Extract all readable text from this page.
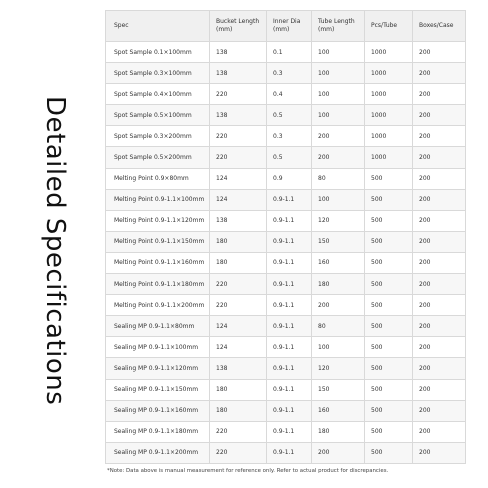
Detailed Specifications
Spec	Bucket Length (mm)	Inner Dia (mm)	Tube Length (mm)	Pcs/Tube	Boxes/Case
Spot Sample 0.1×100mm	138	0.1	100	1000	200
Spot Sample 0.3×100mm	138	0.3	100	1000	200
Spot Sample 0.4×100mm	220	0.4	100	1000	200
Spot Sample 0.5×100mm	138	0.5	100	1000	200
Spot Sample 0.3×200mm	220	0.3	200	1000	200
Spot Sample 0.5×200mm	220	0.5	200	1000	200
Melting Point 0.9×80mm	124	0.9	80	500	200
Melting Point 0.9-1.1×100mm	124	0.9-1.1	100	500	200
Melting Point 0.9-1.1×120mm	138	0.9-1.1	120	500	200
Melting Point 0.9-1.1×150mm	180	0.9-1.1	150	500	200
Melting Point 0.9-1.1×160mm	180	0.9-1.1	160	500	200
Melting Point 0.9-1.1×180mm	220	0.9-1.1	180	500	200
Melting Point 0.9-1.1×200mm	220	0.9-1.1	200	500	200
Sealing MP 0.9-1.1×80mm	124	0.9-1.1	80	500	200
Sealing MP 0.9-1.1×100mm	124	0.9-1.1	100	500	200
Sealing MP 0.9-1.1×120mm	138	0.9-1.1	120	500	200
Sealing MP 0.9-1.1×150mm	180	0.9-1.1	150	500	200
Sealing MP 0.9-1.1×160mm	180	0.9-1.1	160	500	200
Sealing MP 0.9-1.1×180mm	220	0.9-1.1	180	500	200
Sealing MP 0.9-1.1×200mm	220	0.9-1.1	200	500	200
*Note: Data above is manual measurement for reference only. Refer to actual product for discrepancies.
